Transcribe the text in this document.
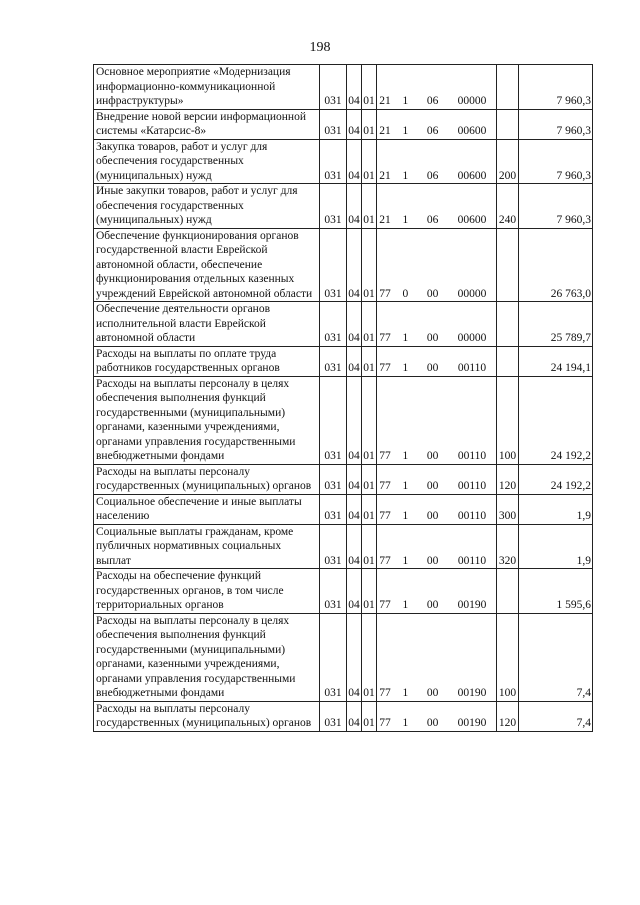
198
Основное мероприятие «Модернизация информационно-коммуникационной инфраструктуры»	031	04	01	21 1 06 00000		7 960,3
Внедрение новой версии информационной системы «Катарсис-8»	031	04	01	21 1 06 00600		7 960,3
Закупка товаров, работ и услуг для обеспечения государственных (муниципальных) нужд	031	04	01	21 1 06 00600	200	7 960,3
Иные закупки товаров, работ и услуг для обеспечения государственных (муниципальных) нужд	031	04	01	21 1 06 00600	240	7 960,3
Обеспечение функционирования органов государственной власти Еврейской автономной области, обеспечение функционирования отдельных казенных учреждений Еврейской автономной области	031	04	01	77 0 00 00000		26 763,0
Обеспечение деятельности органов исполнительной власти Еврейской автономной области	031	04	01	77 1 00 00000		25 789,7
Расходы на выплаты по оплате труда работников государственных органов	031	04	01	77 1 00 00110		24 194,1
Расходы на выплаты персоналу в целях обеспечения выполнения функций государственными (муниципальными) органами, казенными учреждениями, органами управления государственными внебюджетными фондами	031	04	01	77 1 00 00110	100	24 192,2
Расходы на выплаты персоналу государственных (муниципальных) органов	031	04	01	77 1 00 00110	120	24 192,2
Социальное обеспечение и иные выплаты населению	031	04	01	77 1 00 00110	300	1,9
Социальные выплаты гражданам, кроме публичных нормативных социальных выплат	031	04	01	77 1 00 00110	320	1,9
Расходы на обеспечение функций государственных органов, в том числе территориальных органов	031	04	01	77 1 00 00190		1 595,6
Расходы на выплаты персоналу в целях обеспечения выполнения функций государственными (муниципальными) органами, казенными учреждениями, органами управления государственными внебюджетными фондами	031	04	01	77 1 00 00190	100	7,4
Расходы на выплаты персоналу государственных (муниципальных) органов	031	04	01	77 1 00 00190	120	7,4
